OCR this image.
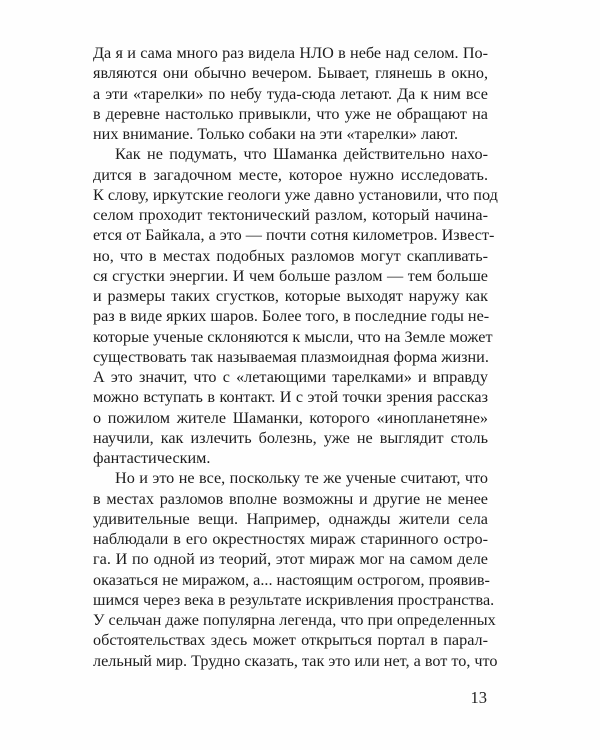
Да я и сама много раз видела НЛО в небе над селом. По-
являются они обычно вечером. Бывает, глянешь в окно,
а эти «тарелки» по небу туда-сюда летают. Да к ним все
в деревне настолько привыкли, что уже не обращают на
них внимание. Только собаки на эти «тарелки» лают.
Как не подумать, что Шаманка действительно нахо-
дится в загадочном месте, которое нужно исследовать.
К слову, иркутские геологи уже давно установили, что под
селом проходит тектонический разлом, который начина-
ется от Байкала, а это — почти сотня километров. Извест-
но, что в местах подобных разломов могут скапливать-
ся сгустки энергии. И чем больше разлом — тем больше
и размеры таких сгустков, которые выходят наружу как
раз в виде ярких шаров. Более того, в последние годы не-
которые ученые склоняются к мысли, что на Земле может
существовать так называемая плазмоидная форма жизни.
А это значит, что с «летающими тарелками» и вправду
можно вступать в контакт. И с этой точки зрения рассказ
о пожилом жителе Шаманки, которого «инопланетяне»
научили, как излечить болезнь, уже не выглядит столь
фантастическим.
Но и это не все, поскольку те же ученые считают, что
в местах разломов вполне возможны и другие не менее
удивительные вещи. Например, однажды жители села
наблюдали в его окрестностях мираж старинного остро-
га. И по одной из теорий, этот мираж мог на самом деле
оказаться не миражом, а... настоящим острогом, проявив-
шимся через века в результате искривления пространства.
У сельчан даже популярна легенда, что при определенных
обстоятельствах здесь может открыться портал в парал-
лельный мир. Трудно сказать, так это или нет, а вот то, что
13
